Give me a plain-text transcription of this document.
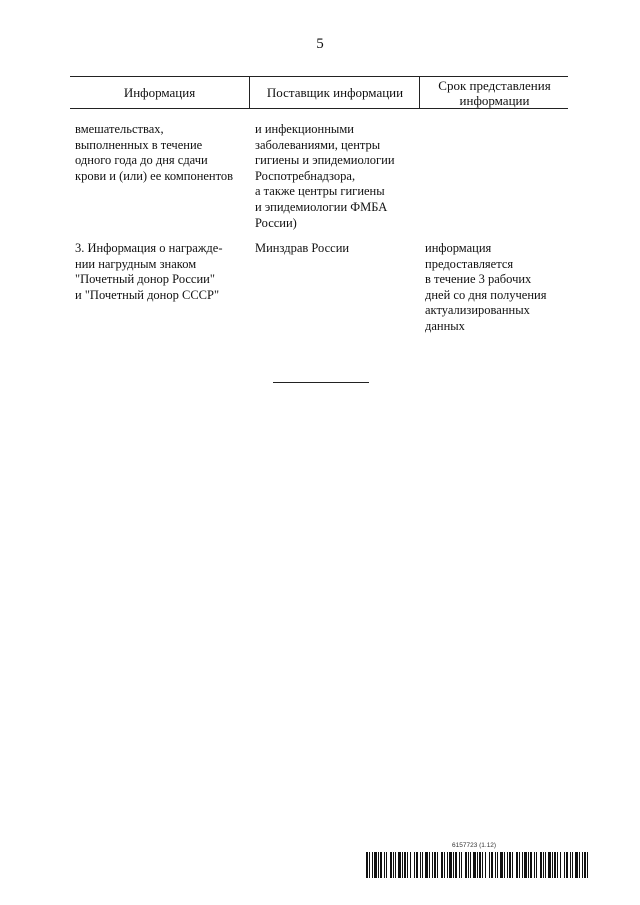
5
Информация	Поставщик информации	Срок представления
информации
вмешательствах,
выполненных в течение
одного года до дня сдачи
крови и (или) ее компонентов
и инфекционными
заболеваниями, центры
гигиены и эпидемиологии
Роспотребнадзора,
а также центры гигиены
и эпидемиологии ФМБА
России)
3. Информация о награжде-
нии нагрудным знаком
"Почетный донор России"
и "Почетный донор СССР"
Минздрав России	информация
предоставляется
в течение 3 рабочих
дней со дня получения
актуализированных
данных
6157723 (1.12)
